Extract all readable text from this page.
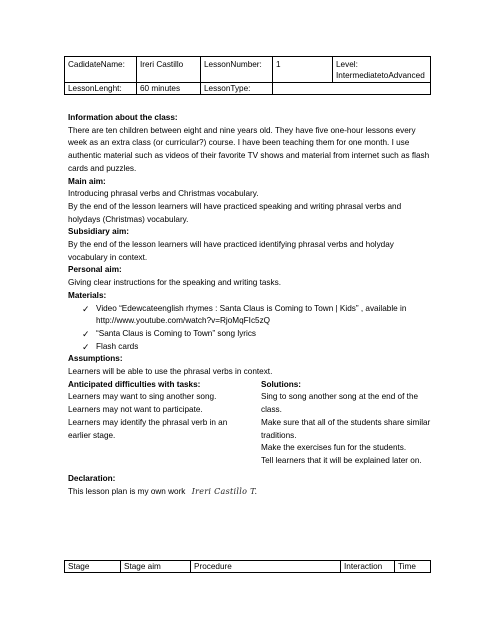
CadidateName:	Ireri Castillo	LessonNumber:	1	Level:
IntermediatetoAdvanced

LessonLenght:	60 minutes	LessonType:		

Information about the class:

There are ten children between eight and nine years old. They have five one-hour lessons every week as an extra class (or curricular?) course. I have been teaching them for one month. I use authentic material such as videos of their favorite TV shows and material from internet such as flash cards and puzzles.

Main aim:

Introducing phrasal verbs and Christmas vocabulary.

By the end of the lesson learners will have practiced speaking and writing phrasal verbs and holydays (Christmas) vocabulary.

Subsidiary aim:

By the end of the lesson learners will have practiced identifying phrasal verbs and holyday vocabulary in context.

Personal aim:

Giving clear instructions for the speaking and writing tasks.

Materials:

✓ Video “Edewcateenglish rhymes : Santa Claus is Coming to Town | Kids” , available in http://www.youtube.com/watch?v=RjoMqFIc5zQ
✓ “Santa Claus is Coming to Town” song lyrics
✓ Flash cards

Assumptions:

Learners will be able to use the phrasal verbs in context.

Anticipated difficulties with tasks:

Learners may want to sing another song.

Learners may not want to participate.

Learners may identify the phrasal verb in an earlier stage.

Solutions:

Sing to song another song at the end of the class.

Make sure that all of the students share similar traditions.

Make the exercises fun for the students.

Tell learners that it will be explained later on.

Declaration:

This lesson plan is my own work Ireri Castillo T.

Stage	Stage aim	Procedure	Interaction	Time
